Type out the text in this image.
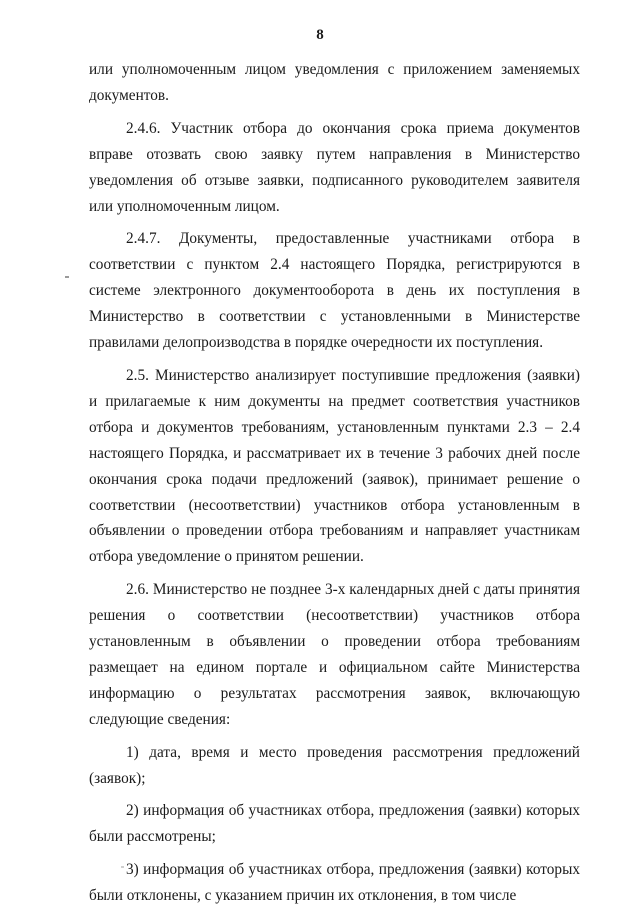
8

или уполномоченным лицом уведомления с приложением заменяемых документов.

2.4.6. Участник отбора до окончания срока приема документов вправе отозвать свою заявку путем направления в Министерство уведомления об отзыве заявки, подписанного руководителем заявителя или уполномоченным лицом.

2.4.7. Документы, предоставленные участниками отбора в соответствии с пунктом 2.4 настоящего Порядка, регистрируются в системе электронного документооборота в день их поступления в Министерство в соответствии с установленными в Министерстве правилами делопроизводства в порядке очередности их поступления.

2.5. Министерство анализирует поступившие предложения (заявки) и прилагаемые к ним документы на предмет соответствия участников отбора и документов требованиям, установленным пунктами 2.3 – 2.4 настоящего Порядка, и рассматривает их в течение 3 рабочих дней после окончания срока подачи предложений (заявок), принимает решение о соответствии (несоответствии) участников отбора установленным в объявлении о проведении отбора требованиям и направляет участникам отбора уведомление о принятом решении.

2.6. Министерство не позднее 3-х календарных дней с даты принятия решения о соответствии (несоответствии) участников отбора установленным в объявлении о проведении отбора требованиям размещает на едином портале и официальном сайте Министерства информацию о результатах рассмотрения заявок, включающую следующие сведения:

1) дата, время и место проведения рассмотрения предложений (заявок);

2) информация об участниках отбора, предложения (заявки) которых были рассмотрены;

3) информация об участниках отбора, предложения (заявки) которых были отклонены, с указанием причин их отклонения, в том числе
